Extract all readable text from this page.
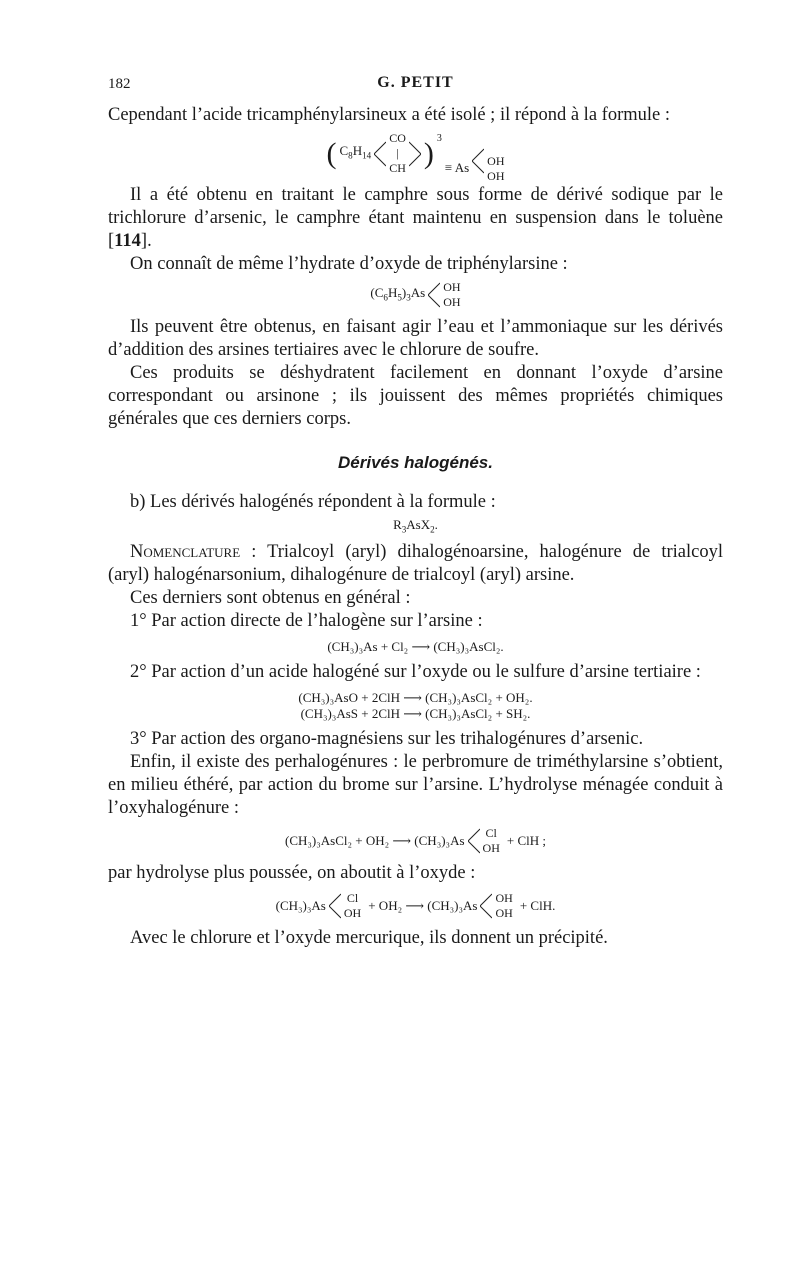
182	G. PETIT

Cependant l’acide tricamphénylarsineux a été isolé ; il répond à la formule :

( $C_8H_{14}$
CO
|
CH ) $^3$
≡ As OH
OH

Il a été obtenu en traitant le camphre sous forme de dérivé sodique par le trichlorure d’arsenic, le camphre étant maintenu en suspension dans le toluène [114].

On connaît de même l’hydrate d’oxyde de triphénylarsine :

$(C_6H_5)_3As$ OH
OH

Ils peuvent être obtenus, en faisant agir l’eau et l’ammoniaque sur les dérivés d’addition des arsines tertiaires avec le chlorure de soufre.

Ces produits se déshydratent facilement en donnant l’oxyde d’arsine correspondant ou arsinone ; ils jouissent des mêmes propriétés chimiques générales que ces derniers corps.

Dérivés halogénés.

b) Les dérivés halogénés répondent à la formule :

$R_3AsX_2$.

Nomenclature : Trialcoyl (aryl) dihalogénoarsine, halogénure de trialcoyl (aryl) halogénarsonium, dihalogénure de trialcoyl (aryl) arsine.

Ces derniers sont obtenus en général :

1° Par action directe de l’halogène sur l’arsine :

(CH₃)₃As + Cl₂ ⟶ (CH₃)₃AsCl₂.

2° Par action d’un acide halogéné sur l’oxyde ou le sulfure d’arsine tertiaire :

(CH₃)₃AsO + 2ClH ⟶ (CH₃)₃AsCl₂ + OH₂.
(CH₃)₃AsS + 2ClH ⟶ (CH₃)₃AsCl₂ + SH₂.

3° Par action des organo-magnésiens sur les trihalogénures d’arsenic.

Enfin, il existe des perhalogénures : le perbromure de triméthylarsine s’obtient, en milieu éthéré, par action du brome sur l’arsine. L’hydrolyse ménagée conduit à l’oxyhalogénure :

(CH₃)₃AsCl₂ + OH₂ ⟶ (CH₃)₃As Cl
OH + ClH ;

par hydrolyse plus poussée, on aboutit à l’oxyde :

(CH₃)₃As Cl
OH + OH₂ ⟶ (CH₃)₃As OH
OH + ClH.

Avec le chlorure et l’oxyde mercurique, ils donnent un précipité.
